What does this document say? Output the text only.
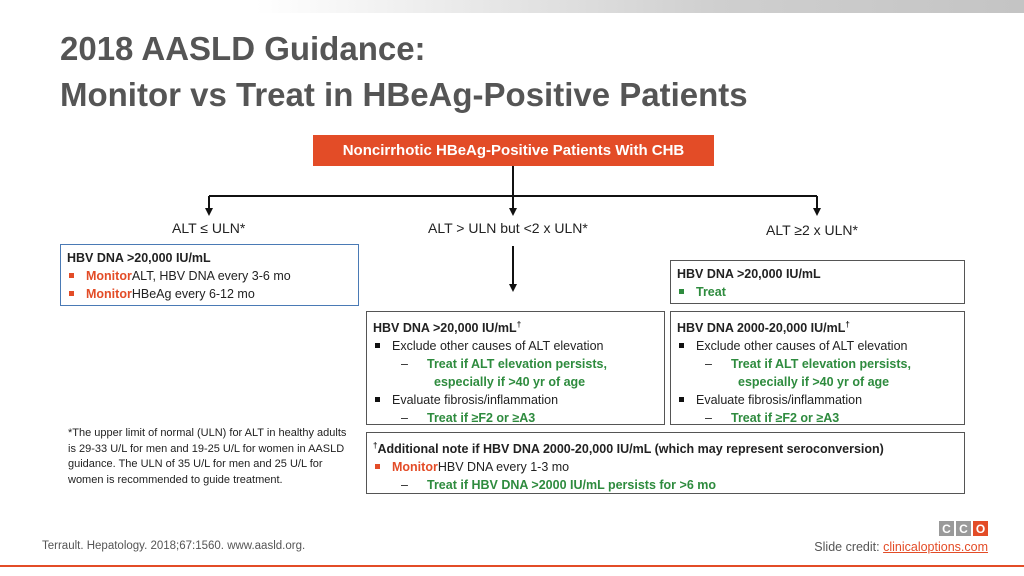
2018 AASLD Guidance:
Monitor vs Treat in HBeAg-Positive Patients
Noncirrhotic HBeAg-Positive Patients With CHB
ALT ≤ ULN*	ALT > ULN but <2 x ULN*	ALT ≥2 x ULN*
HBV DNA >20,000 IU/mL
Monitor ALT, HBV DNA every 3-6 mo
Monitor HBeAg every 6-12 mo
HBV DNA >20,000 IU/mL
Treat
HBV DNA >20,000 IU/mL†
Exclude other causes of ALT elevation
–	Treat if ALT elevation persists,
especially if >40 yr of age
Evaluate fibrosis/inflammation
–	Treat if ≥F2 or ≥A3
HBV DNA 2000-20,000 IU/mL†
Exclude other causes of ALT elevation
–	Treat if ALT elevation persists,
especially if >40 yr of age
Evaluate fibrosis/inflammation
–	Treat if ≥F2 or ≥A3
†Additional note if HBV DNA 2000-20,000 IU/mL (which may represent seroconversion)
Monitor HBV DNA every 1-3 mo
–	Treat if HBV DNA >2000 IU/mL persists for >6 mo
*The upper limit of normal (ULN) for ALT in healthy adults is 29-33 U/L for men and 19-25 U/L for women in AASLD guidance. The ULN of 35 U/L for men and 25 U/L for women is recommended to guide treatment.
Terrault. Hepatology. 2018;67:1560. www.aasld.org.
C C O
Slide credit: clinicaloptions.com
